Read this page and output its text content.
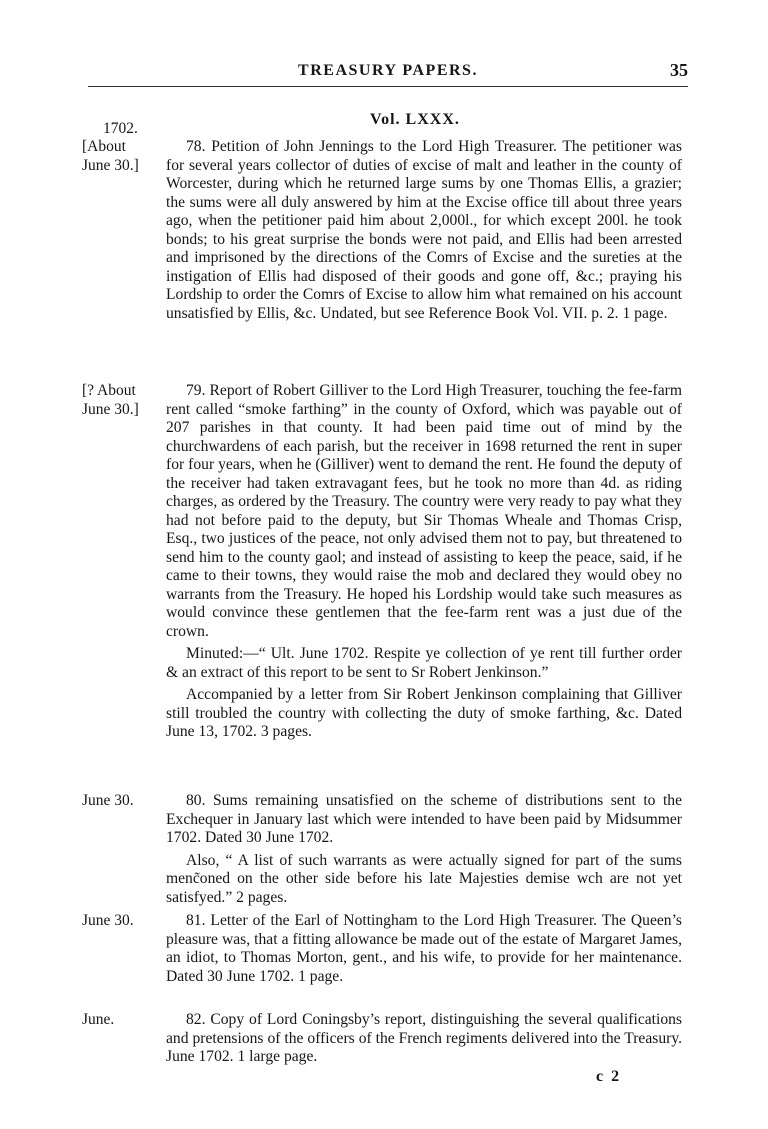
TREASURY PAPERS.	35
Vol. LXXX.
1702.
[About
June 30.]

78. Petition of John Jennings to the Lord High Treasurer. The petitioner was for several years collector of duties of excise of malt and leather in the county of Worcester, during which he returned large sums by one Thomas Ellis, a grazier; the sums were all duly answered by him at the Excise office till about three years ago, when the petitioner paid him about 2,000l., for which except 200l. he took bonds; to his great surprise the bonds were not paid, and Ellis had been arrested and imprisoned by the directions of the Comrs of Excise and the sureties at the instigation of Ellis had disposed of their goods and gone off, &c.; praying his Lordship to order the Comrs of Excise to allow him what remained on his account unsatisfied by Ellis, &c. Undated, but see Reference Book Vol. VII. p. 2. 1 page.

[? About
June 30.]

79. Report of Robert Gilliver to the Lord High Treasurer, touching the fee-farm rent called “smoke farthing” in the county of Oxford, which was payable out of 207 parishes in that county. It had been paid time out of mind by the churchwardens of each parish, but the receiver in 1698 returned the rent in super for four years, when he (Gilliver) went to demand the rent. He found the deputy of the receiver had taken extravagant fees, but he took no more than 4d. as riding charges, as ordered by the Treasury. The country were very ready to pay what they had not before paid to the deputy, but Sir Thomas Wheale and Thomas Crisp, Esq., two justices of the peace, not only advised them not to pay, but threatened to send him to the county gaol; and instead of assisting to keep the peace, said, if he came to their towns, they would raise the mob and declared they would obey no warrants from the Treasury. He hoped his Lordship would take such measures as would convince these gentlemen that the fee-farm rent was a just due of the crown.

Minuted:—“ Ult. June 1702. Respite ye collection of ye rent till further order & an extract of this report to be sent to Sr Robert Jenkinson.”

Accompanied by a letter from Sir Robert Jenkinson complaining that Gilliver still troubled the country with collecting the duty of smoke farthing, &c. Dated June 13, 1702. 3 pages.

June 30.	80. Sums remaining unsatisfied on the scheme of distributions sent to the Exchequer in January last which were intended to have been paid by Midsummer 1702. Dated 30 June 1702.

Also, “ A list of such warrants as were actually signed for part of the sums menc̃oned on the other side before his late Majesties demise wch are not yet satisfyed.” 2 pages.

June 30.	81. Letter of the Earl of Nottingham to the Lord High Treasurer. The Queen’s pleasure was, that a fitting allowance be made out of the estate of Margaret James, an idiot, to Thomas Morton, gent., and his wife, to provide for her maintenance. Dated 30 June 1702. 1 page.

June.	82. Copy of Lord Coningsby’s report, distinguishing the several qualifications and pretensions of the officers of the French regiments delivered into the Treasury. June 1702. 1 large page.

c 2
